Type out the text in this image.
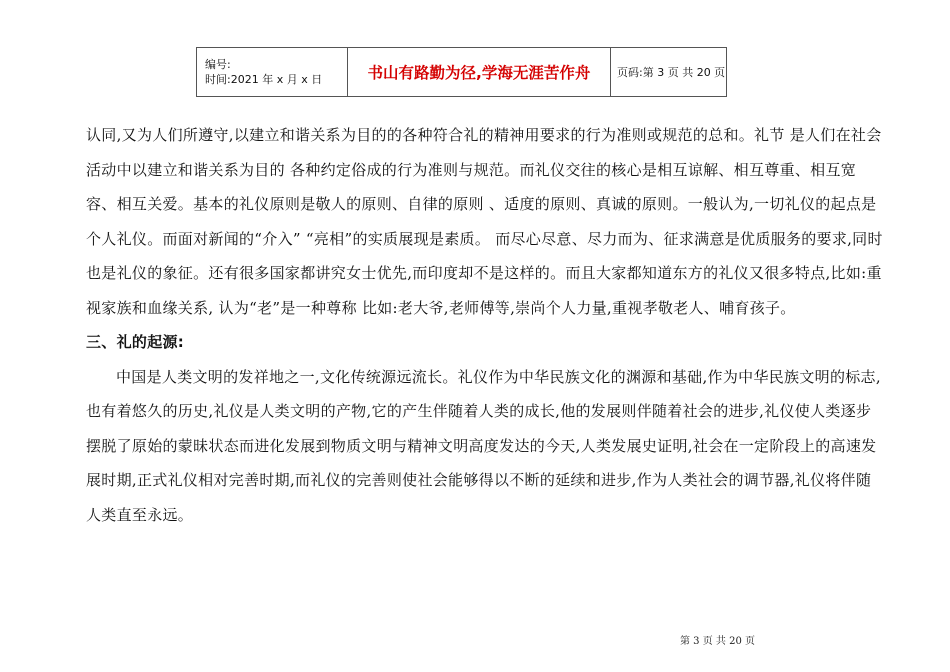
编号:
时间:2021 年 x 月 x 日	书山有路勤为径,学海无涯苦作舟	页码:第 3 页 共 20 页

认同,又为人们所遵守,以建立和谐关系为目的的各种符合礼的精神用要求的行为准则或规范的总和。礼节 是人们在社会活动中以建立和谐关系为目的 各种约定俗成的行为准则与规范。而礼仪交往的核心是相互谅解、相互尊重、相互宽容、相互关爱。基本的礼仪原则是敬人的原则、自律的原则 、适度的原则、真诚的原则。一般认为,一切礼仪的起点是个人礼仪。而面对新闻的“介入” “亮相”的实质展现是素质。 而尽心尽意、尽力而为、征求满意是优质服务的要求,同时也是礼仪的象征。还有很多国家都讲究女士优先,而印度却不是这样的。而且大家都知道东方的礼仪又很多特点,比如:重视家族和血缘关系, 认为“老”是一种尊称 比如:老大爷,老师傅等,崇尚个人力量,重视孝敬老人、哺育孩子。

三、礼的起源:

中国是人类文明的发祥地之一,文化传统源远流长。礼仪作为中华民族文化的渊源和基础,作为中华民族文明的标志,也有着悠久的历史,礼仪是人类文明的产物,它的产生伴随着人类的成长,他的发展则伴随着社会的进步,礼仪使人类逐步摆脱了原始的蒙昧状态而进化发展到物质文明与精神文明高度发达的今天,人类发展史证明,社会在一定阶段上的高速发展时期,正式礼仪相对完善时期,而礼仪的完善则使社会能够得以不断的延续和进步,作为人类社会的调节器,礼仪将伴随人类直至永远。

第 3 页 共 20 页
